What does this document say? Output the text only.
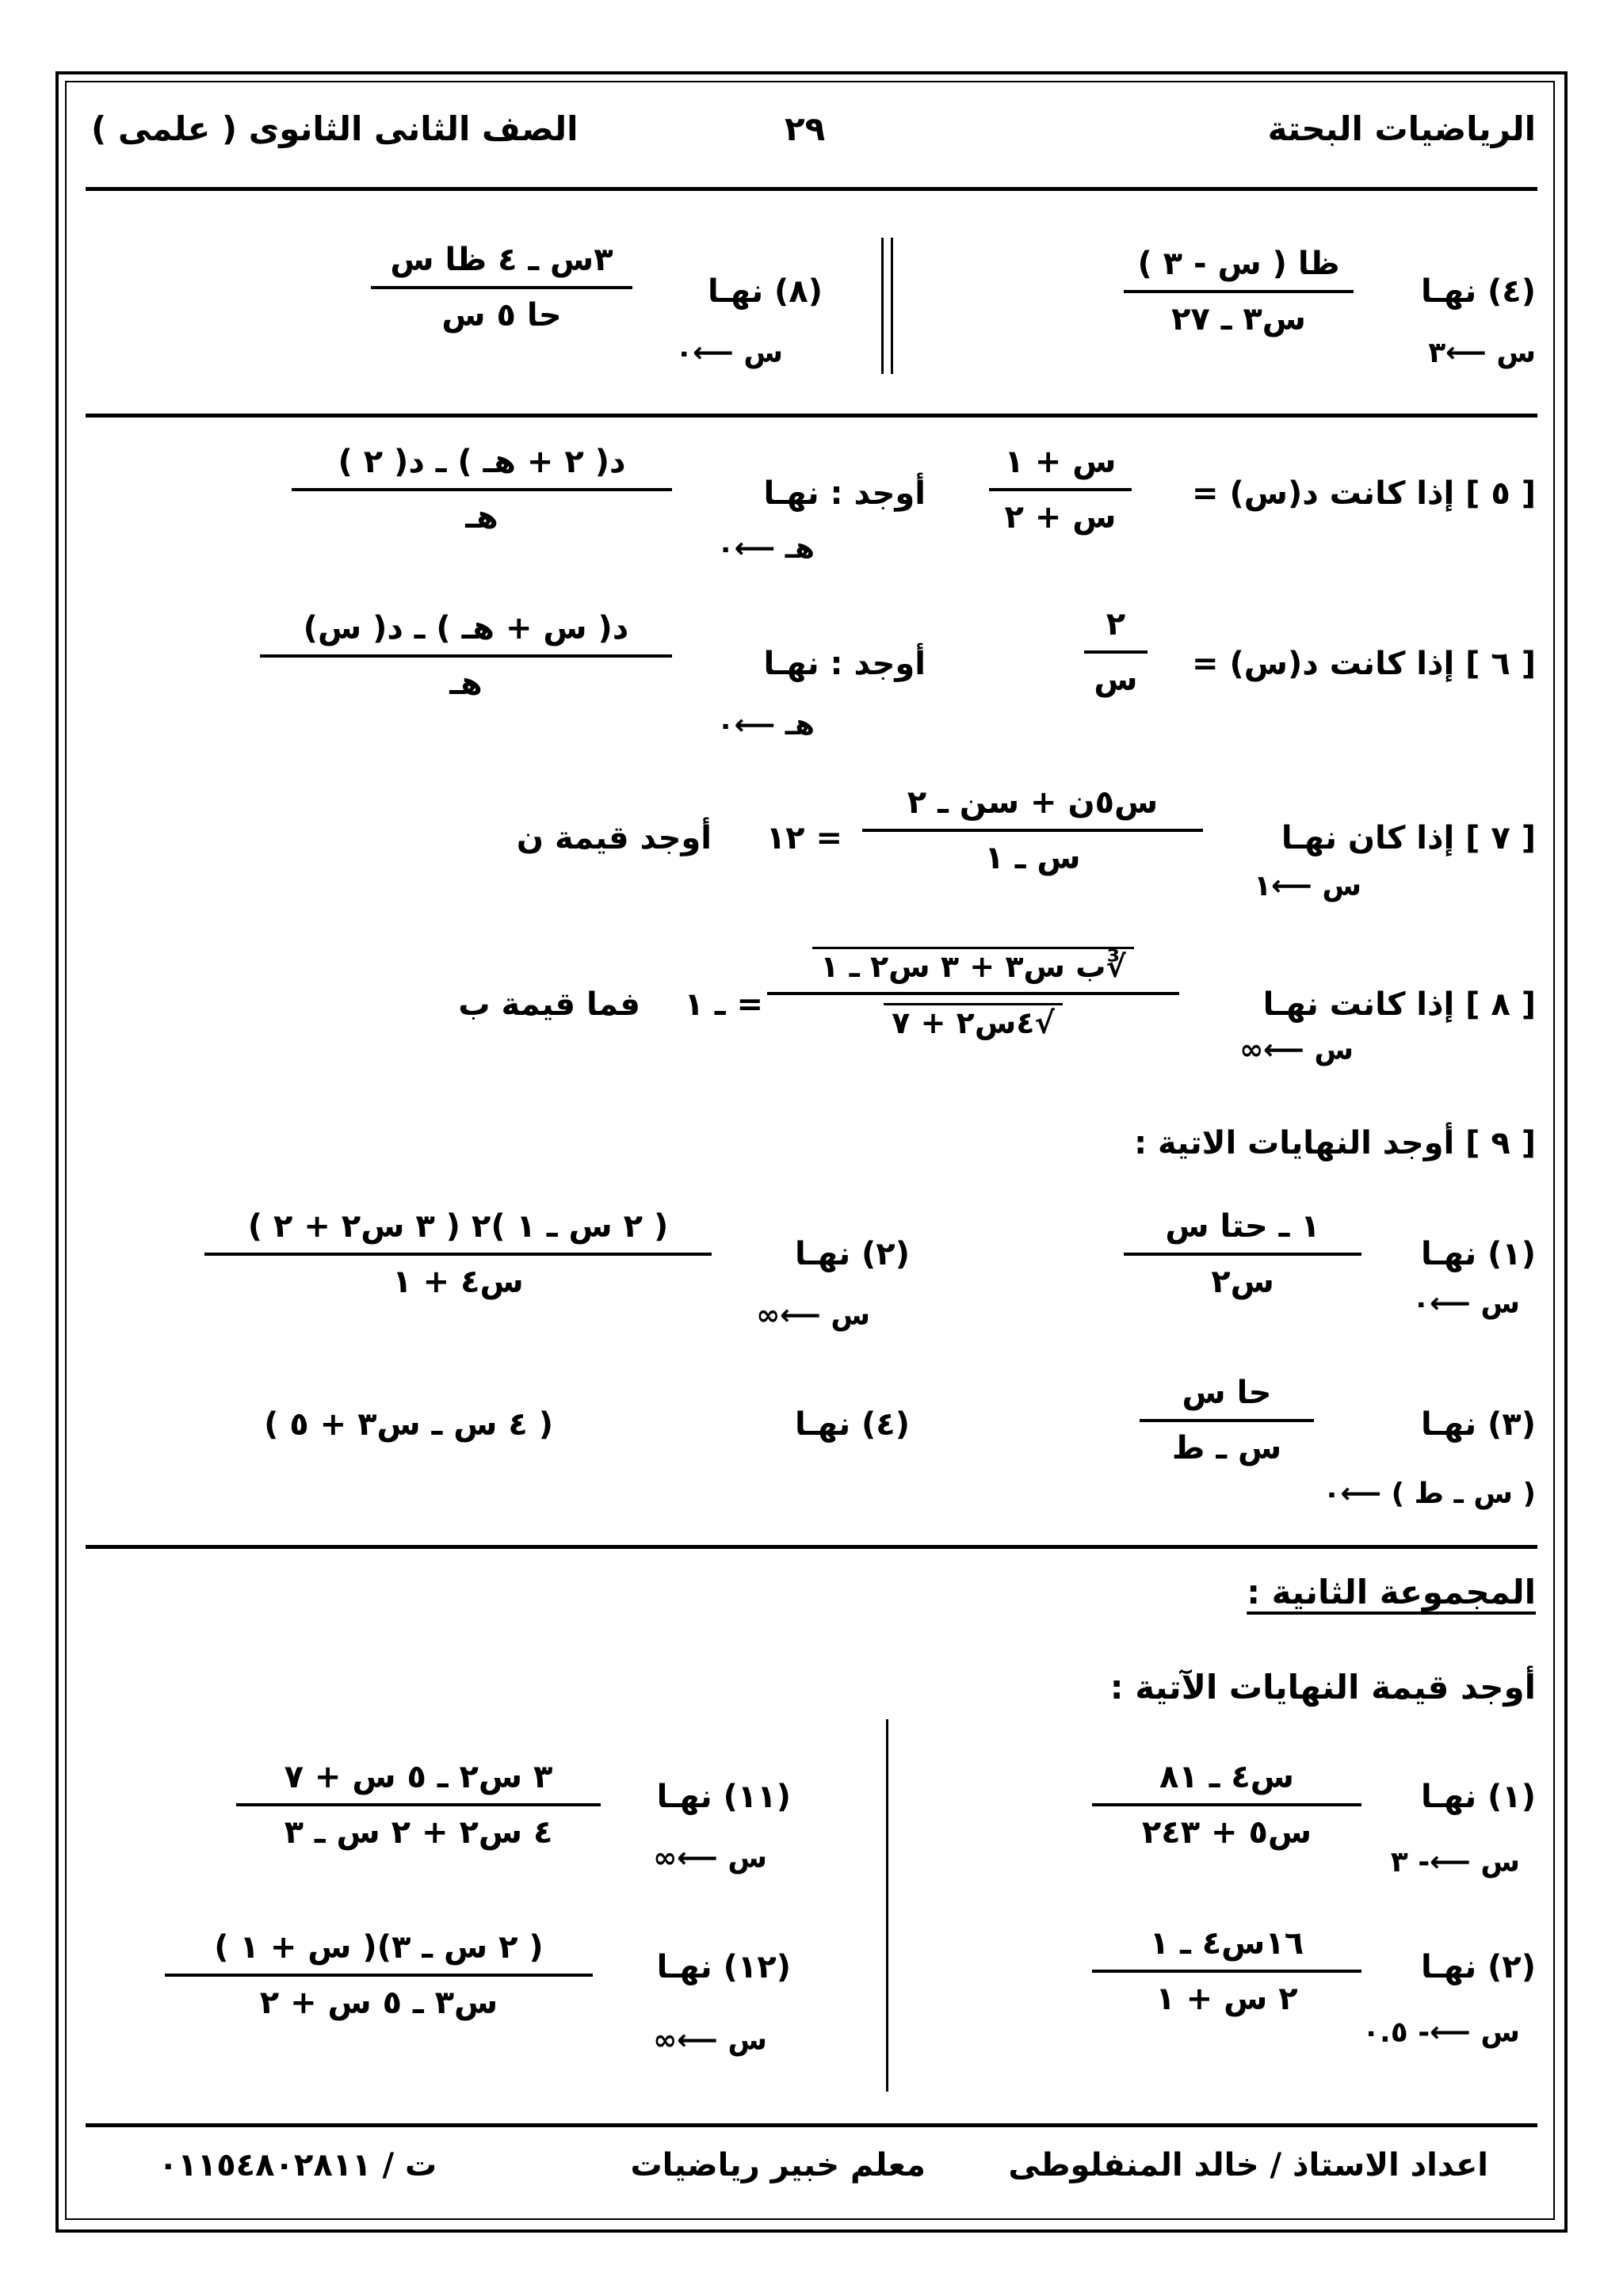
الرياضيات البحتة
٢٩
الصف الثانى الثانوى ( علمى )
(٤) نهـا
س ⟵٣
ظا ( س - ٣ )
س٣ ـ ٢٧
(٨) نهـا
س ⟵٠
٣س ـ ٤ ظا س
حا ٥ س
[ ٥ ] إذا كانت د(س) =
س + ١
س + ٢
أوجد : نهـا
هـ ⟵٠
د( ٢ + هـ ) ـ د( ٢ )
هـ
[ ٦ ] إذا كانت د(س) =
٢
س
أوجد : نهـا
هـ ⟵٠
د( س + هـ ) ـ د( س)
هـ
[ ٧ ] إذا كان نهـا
س ⟵١
س٥ن + سن ـ ٢
س ـ ١
= ١٢
أوجد قيمة ن
[ ٨ ] إذا كانت نهـا
س ⟵∞
∛ب س٣ + ٣ س٢ ـ ١
√٤س٢ + ٧
= ـ ١
فما قيمة ب
[ ٩ ] أوجد النهايات الاتية :
(١) نهـا
س ⟵٠
١ ـ حتا س
س٢
(٢) نهـا
س ⟵∞
( ٢ س ـ ١ )٢ ( ٣ س٢ + ٢ )
س٤ + ١
(٣) نهـا
( س ـ ط ) ⟵٠
حا س
س ـ ط
(٤) نهـا
( ٤ س ـ س٣ + ٥ )
المجموعة الثانية :
أوجد قيمة النهايات الآتية :
(١) نهـا
س ⟵- ٣
س٤ ـ ٨١
س٥ + ٢٤٣
(٢) نهـا
س ⟵- ٠.٥
١٦س٤ ـ ١
٢ س + ١
(١١) نهـا
س ⟵∞
٣ س٢ ـ ٥ س + ٧
٤ س٢ + ٢ س ـ ٣
(١٢) نهـا
س ⟵∞
( ٢ س ـ ٣)( س + ١ )
س٣ ـ ٥ س + ٢
اعداد الاستاذ / خالد المنفلوطى
معلم خبير رياضيات
ت / ٠١١٥٤٨٠٢٨١١
